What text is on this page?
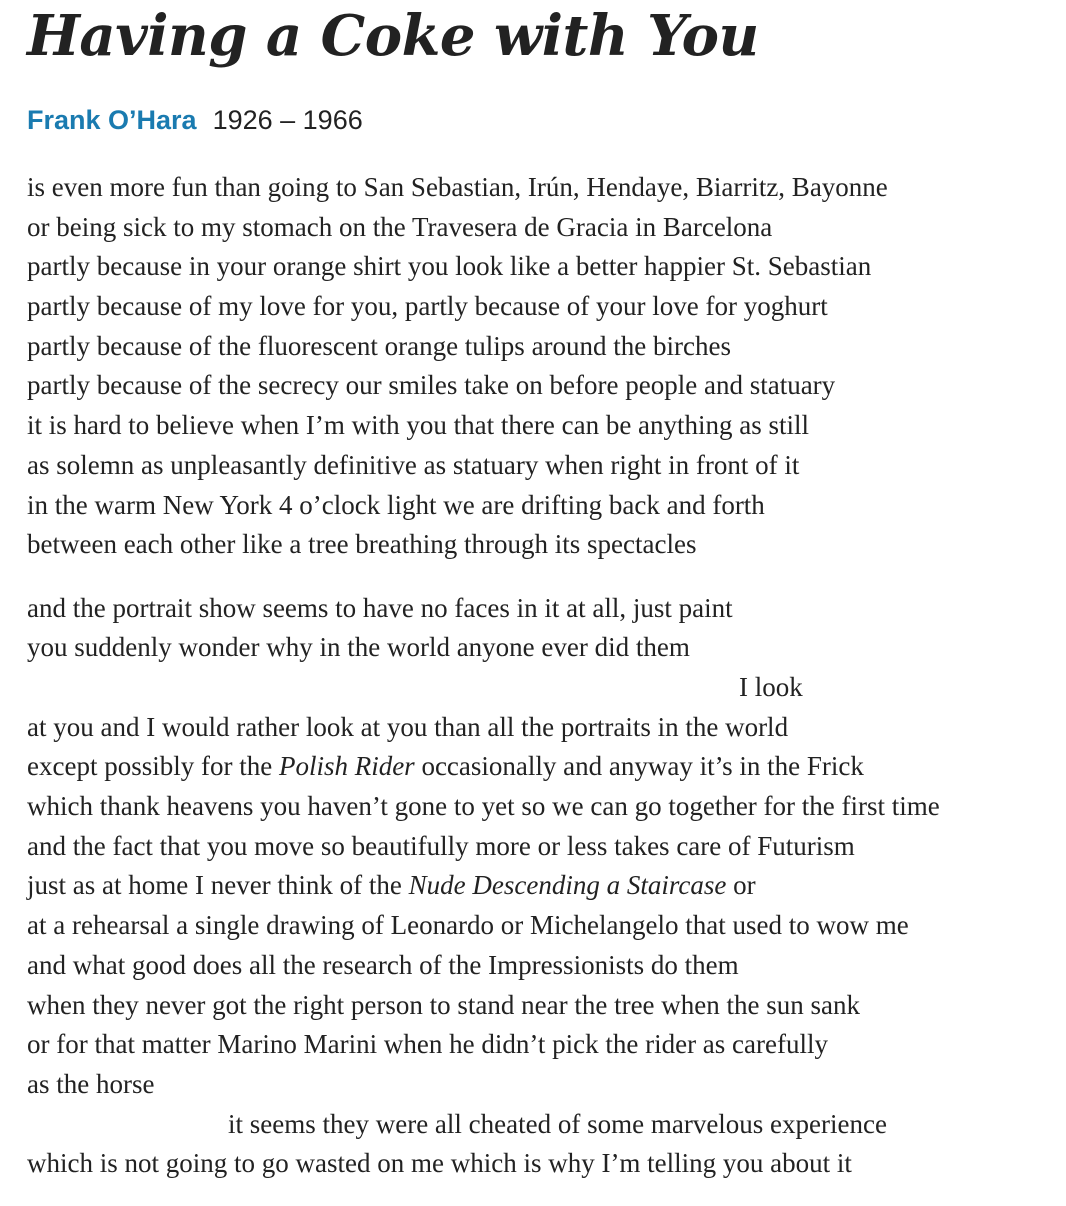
Having a Coke with You
Frank O’Hara 1926 – 1966
is even more fun than going to San Sebastian, Irún, Hendaye, Biarritz, Bayonne
or being sick to my stomach on the Travesera de Gracia in Barcelona
partly because in your orange shirt you look like a better happier St. Sebastian
partly because of my love for you, partly because of your love for yoghurt
partly because of the fluorescent orange tulips around the birches
partly because of the secrecy our smiles take on before people and statuary
it is hard to believe when I’m with you that there can be anything as still
as solemn as unpleasantly definitive as statuary when right in front of it
in the warm New York 4 o’clock light we are drifting back and forth
between each other like a tree breathing through its spectacles
and the portrait show seems to have no faces in it at all, just paint
you suddenly wonder why in the world anyone ever did them
I look
at you and I would rather look at you than all the portraits in the world
except possibly for the Polish Rider occasionally and anyway it’s in the Frick
which thank heavens you haven’t gone to yet so we can go together for the first time
and the fact that you move so beautifully more or less takes care of Futurism
just as at home I never think of the Nude Descending a Staircase or
at a rehearsal a single drawing of Leonardo or Michelangelo that used to wow me
and what good does all the research of the Impressionists do them
when they never got the right person to stand near the tree when the sun sank
or for that matter Marino Marini when he didn’t pick the rider as carefully
as the horse
it seems they were all cheated of some marvelous experience
which is not going to go wasted on me which is why I’m telling you about it
